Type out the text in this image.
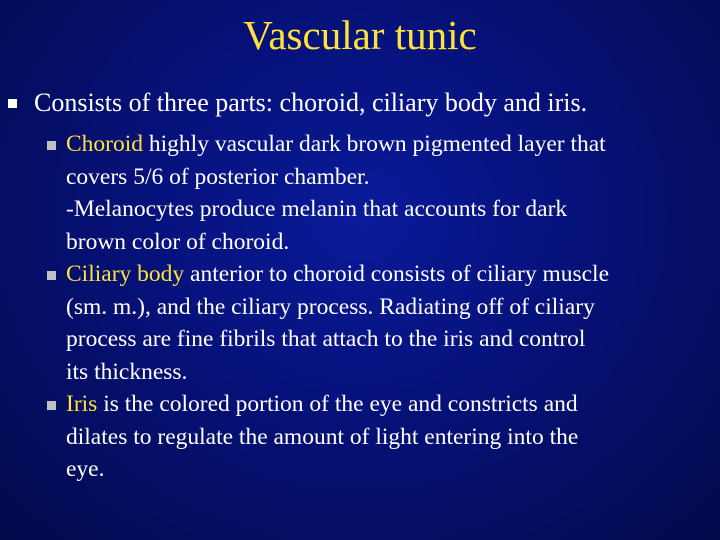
Vascular tunic
Consists of three parts: choroid, ciliary body and iris.
Choroid highly vascular dark brown pigmented layer that
covers 5/6 of posterior chamber.
-Melanocytes produce melanin that accounts for dark
brown color of choroid.
Ciliary body anterior to choroid consists of ciliary muscle
(sm. m.), and the ciliary process. Radiating off of ciliary
process are fine fibrils that attach to the iris and control
its thickness.
Iris is the colored portion of the eye and constricts and
dilates to regulate the amount of light entering into the
eye.
